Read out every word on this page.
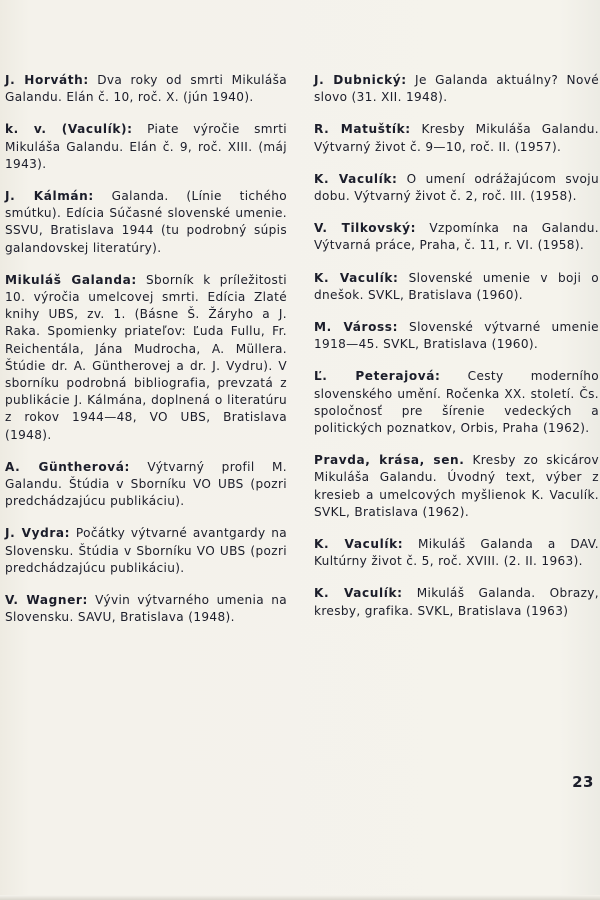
J. Horváth: Dva roky od smrti Mikuláša Galandu. Elán č. 10, roč. X. (jún 1940).

k. v. (Vaculík): Piate výročie smrti Mikuláša Galandu. Elán č. 9, roč. XIII. (máj 1943).

J. Kálmán: Galanda. (Línie tichého smútku). Edícia Súčasné slovenské umenie. SSVU, Bratislava 1944 (tu podrobný súpis galandovskej literatúry).

Mikuláš Galanda: Sborník k príležitosti 10. výročia umelcovej smrti. Edícia Zlaté knihy UBS, zv. 1. (Básne Š. Žáryho a J. Raka. Spomienky priateľov: Ľuda Fullu, Fr. Reichentála, Jána Mudrocha, A. Müllera. Štúdie dr. A. Güntherovej a dr. J. Vydru). V sborníku podrobná bibliografia, prevzatá z publikácie J. Kálmána, doplnená o literatúru z rokov 1944—48, VO UBS, Bratislava (1948).

A. Güntherová: Výtvarný profil M. Galandu. Štúdia v Sborníku VO UBS (pozri predchádzajúcu publikáciu).

J. Vydra: Počátky výtvarné avantgardy na Slovensku. Štúdia v Sborníku VO UBS (pozri predchádzajúcu publikáciu).

V. Wagner: Vývin výtvarného umenia na Slovensku. SAVU, Bratislava (1948).

J. Dubnický: Je Galanda aktuálny? Nové slovo (31. XII. 1948).

R. Matuštík: Kresby Mikuláša Galandu. Výtvarný život č. 9—10, roč. II. (1957).

K. Vaculík: O umení odrážajúcom svoju dobu. Výtvarný život č. 2, roč. III. (1958).

V. Tilkovský: Vzpomínka na Galandu. Výtvarná práce, Praha, č. 11, r. VI. (1958).

K. Vaculík: Slovenské umenie v boji o dnešok. SVKL, Bratislava (1960).

M. Váross: Slovenské výtvarné umenie 1918—45. SVKL, Bratislava (1960).

Ľ. Peterajová: Cesty moderního slovenského umění. Ročenka XX. století. Čs. spoločnosť pre šírenie vedeckých a politických poznatkov, Orbis, Praha (1962).

Pravda, krása, sen. Kresby zo skicárov Mikuláša Galandu. Úvodný text, výber z kresieb a umelcových myšlienok K. Vaculík. SVKL, Bratislava (1962).

K. Vaculík: Mikuláš Galanda a DAV. Kultúrny život č. 5, roč. XVIII. (2. II. 1963).

K. Vaculík: Mikuláš Galanda. Obrazy, kresby, grafika. SVKL, Bratislava (1963)

23
